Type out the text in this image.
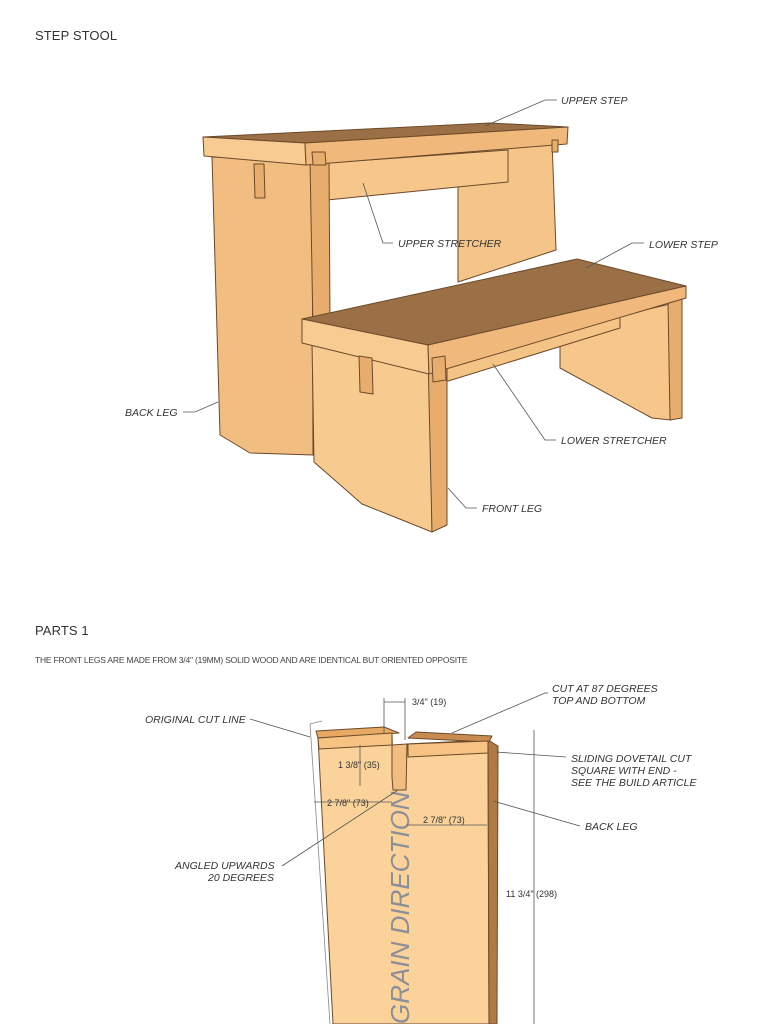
STEP STOOL
PARTS 1
THE FRONT LEGS ARE MADE FROM 3/4" (19MM) SOLID WOOD AND ARE IDENTICAL BUT ORIENTED OPPOSITE
UPPER STEP
UPPER STRETCHER	LOWER STEP
BACK LEG
LOWER STRETCHER
FRONT LEG
GRAIN DIRECTION
3/4" (19)
1 3/8" (35)
2 7/8" (73)
2 7/8" (73)
11 3/4" (298)
ORIGINAL CUT LINE
CUT AT 87 DEGREES
TOP AND BOTTOM
SLIDING DOVETAIL CUT
SQUARE WITH END -
SEE THE BUILD ARTICLE
BACK LEG
ANGLED UPWARDS
20 DEGREES
